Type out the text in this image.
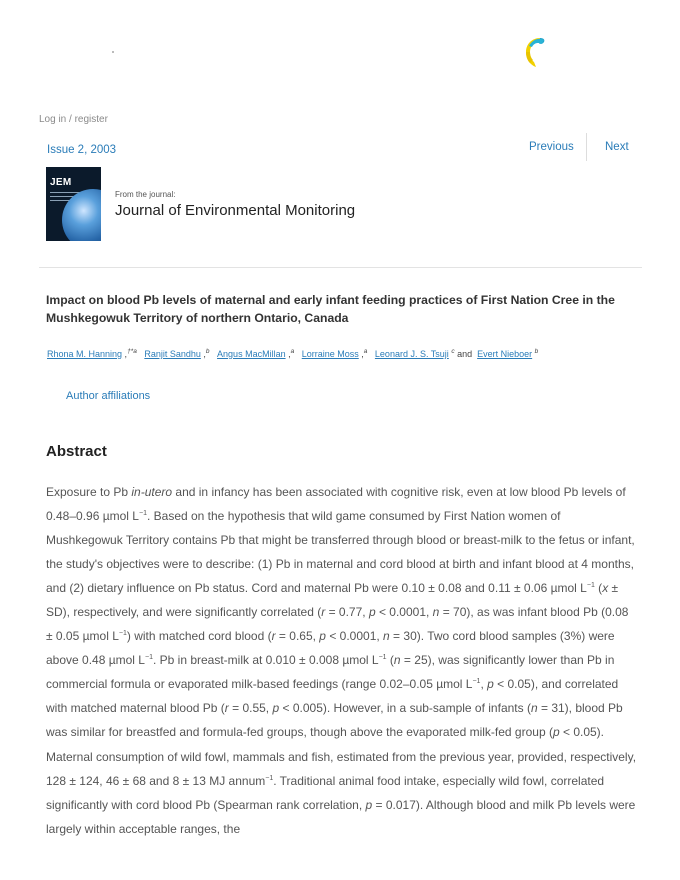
Log in / register
Issue 2, 2003	Previous	Next
JEM
From the journal:
Journal of Environmental Monitoring
Impact on blood Pb levels of maternal and early infant feeding practices of First Nation Cree in the Mushkegowuk Territory of northern Ontario, Canada
Rhona M. Hanning ,$^{\dagger*a}$ Ranjit Sandhu ,$^b$ Angus MacMillan ,$^a$ Lorraine Moss ,$^a$ Leonard J. S. Tsuji $^c$ and  Evert Nieboer $^b$
Author affiliations
Abstract
Exposure to Pb in-utero and in infancy has been associated with cognitive risk, even at low blood Pb levels of 0.48–0.96 µmol $L^{-1}$. Based on the hypothesis that wild game consumed by First Nation women of Mushkegowuk Territory contains Pb that might be transferred through blood or breast-milk to the fetus or infant, the study's objectives were to describe: (1) Pb in maternal and cord blood at birth and infant blood at 4 months, and (2) dietary influence on Pb status. Cord and maternal Pb were 0.10 ± 0.08 and 0.11 ± 0.06 µmol $L^{-1}$ (x ± SD), respectively, and were significantly correlated (r = 0.77, p < 0.0001, n = 70), as was infant blood Pb (0.08 ± 0.05 µmol $L^{-1}$) with matched cord blood (r = 0.65, p < 0.0001, n = 30). Two cord blood samples (3%) were above 0.48 µmol $L^{-1}$. Pb in breast-milk at 0.010 ± 0.008 µmol $L^{-1}$ (n = 25), was significantly lower than Pb in commercial formula or evaporated milk-based feedings (range 0.02–0.05 µmol $L^{-1}$, p < 0.05), and correlated with matched maternal blood Pb (r = 0.55, p < 0.005). However, in a sub-sample of infants (n = 31), blood Pb was similar for breastfed and formula-fed groups, though above the evaporated milk-fed group (p < 0.05). Maternal consumption of wild fowl, mammals and fish, estimated from the previous year, provided, respectively, 128 ± 124, 46 ± 68 and 8 ± 13 MJ annum$^{-1}$. Traditional animal food intake, especially wild fowl, correlated significantly with cord blood Pb (Spearman rank correlation, p = 0.017). Although blood and milk Pb levels were largely within acceptable ranges, the
